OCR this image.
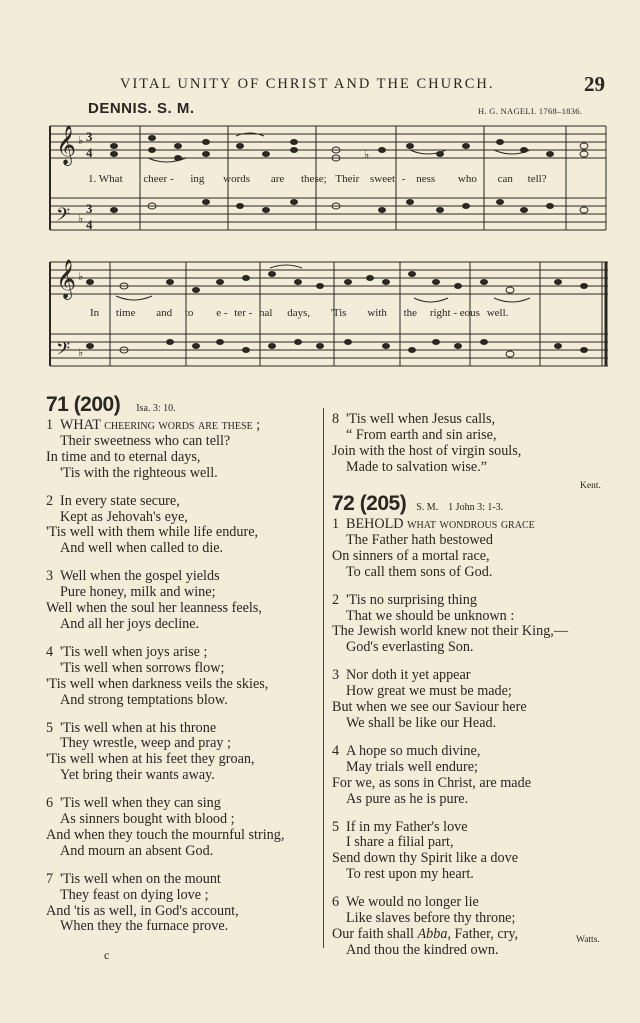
VITAL UNITY OF CHRIST AND THE CHURCH.	29
DENNIS. S. M.	H. G. NAGELI. 1768–1836.
𝄞
𝄢
𝄞
𝄢
♭
♭
♭
♭
♭
3
4
3
4
1. What cheer - ing words are these; Their sweet - ness who can tell?
In time and to e - ter - nal days, 'Tis with the right - eous well.
71 (200) Isa. 3: 10.
1 WHAT cheering words are these ;
Their sweetness who can tell?
In time and to eternal days,
'Tis with the righteous well.
2 In every state secure,
Kept as Jehovah's eye,
'Tis well with them while life endure,
And well when called to die.
3 Well when the gospel yields
Pure honey, milk and wine;
Well when the soul her leanness feels,
And all her joys decline.
4 'Tis well when joys arise ;
'Tis well when sorrows flow;
'Tis well when darkness veils the skies,
And strong temptations blow.
5 'Tis well when at his throne
They wrestle, weep and pray ;
'Tis well when at his feet they groan,
Yet bring their wants away.
6 'Tis well when they can sing
As sinners bought with blood ;
And when they touch the mournful string,
And mourn an absent God.
7 'Tis well when on the mount
They feast on dying love ;
And 'tis as well, in God's account,
When they the furnace prove.
8 'Tis well when Jesus calls,
“ From earth and sin arise,
Join with the host of virgin souls,
Made to salvation wise.”
Kent.
72 (205) S. M. 1 John 3: 1-3.
1 BEHOLD what wondrous grace
The Father hath bestowed
On sinners of a mortal race,
To call them sons of God.
2 'Tis no surprising thing
That we should be unknown :
The Jewish world knew not their King,—
God's everlasting Son.
3 Nor doth it yet appear
How great we must be made;
But when we see our Saviour here
We shall be like our Head.
4 A hope so much divine,
May trials well endure;
For we, as sons in Christ, are made
As pure as he is pure.
5 If in my Father's love
I share a filial part,
Send down thy Spirit like a dove
To rest upon my heart.
6 We would no longer lie
Like slaves before thy throne;
Our faith shall Abba, Father, cry,
And thou the kindred own.
Watts.
c
